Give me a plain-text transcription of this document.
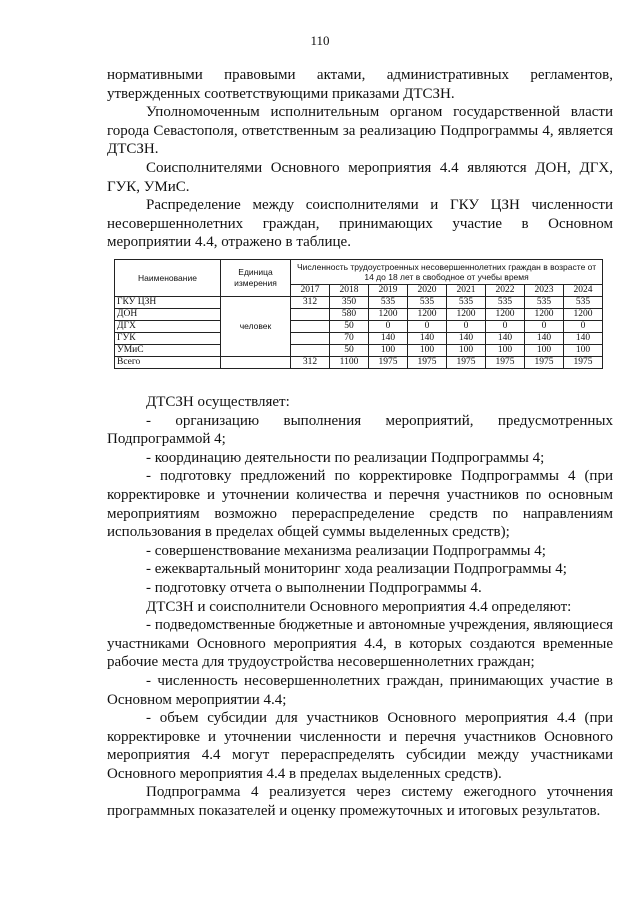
110

нормативными правовыми актами, административных регламентов, утвержденных соответствующими приказами ДТСЗН.

Уполномоченным исполнительным органом государственной власти города Севастополя, ответственным за реализацию Подпрограммы 4, является ДТСЗН.

Соисполнителями Основного мероприятия 4.4 являются ДОН, ДГХ, ГУК, УМиС.

Распределение между соисполнителями и ГКУ ЦЗН численности несовершеннолетних граждан, принимающих участие в Основном мероприятии 4.4, отражено в таблице.

Наименование	Единица измерения	Численность трудоустроенных несовершеннолетних граждан в возрасте от 14 до 18 лет в свободное от учебы время							
		2017	2018	2019	2020	2021	2022	2023	2024
ГКУ ЦЗН	человек	312	350	535	535	535	535	535	535
ДОН			580	1200	1200	1200	1200	1200	1200
ДГХ			50	0	0	0	0	0	0
ГУК			70	140	140	140	140	140	140
УМиС			50	100	100	100	100	100	100
Всего		312	1100	1975	1975	1975	1975	1975	1975

ДТСЗН осуществляет:

- организацию выполнения мероприятий, предусмотренных Подпрограммой 4;

- координацию деятельности по реализации Подпрограммы 4;

- подготовку предложений по корректировке Подпрограммы 4 (при корректировке и уточнении количества и перечня участников по основным мероприятиям возможно перераспределение средств по направлениям использования в пределах общей суммы выделенных средств);

- совершенствование механизма реализации Подпрограммы 4;

- ежеквартальный мониторинг хода реализации Подпрограммы 4;

- подготовку отчета о выполнении Подпрограммы 4.

ДТСЗН и соисполнители Основного мероприятия 4.4 определяют:

- подведомственные бюджетные и автономные учреждения, являющиеся участниками Основного мероприятия 4.4, в которых создаются временные рабочие места для трудоустройства несовершеннолетних граждан;

- численность несовершеннолетних граждан, принимающих участие в Основном мероприятии 4.4;

- объем субсидии для участников Основного мероприятия 4.4 (при корректировке и уточнении численности и перечня участников Основного мероприятия 4.4 могут перераспределять субсидии между участниками Основного мероприятия 4.4 в пределах выделенных средств).

Подпрограмма 4 реализуется через систему ежегодного уточнения программных показателей и оценку промежуточных и итоговых результатов.
